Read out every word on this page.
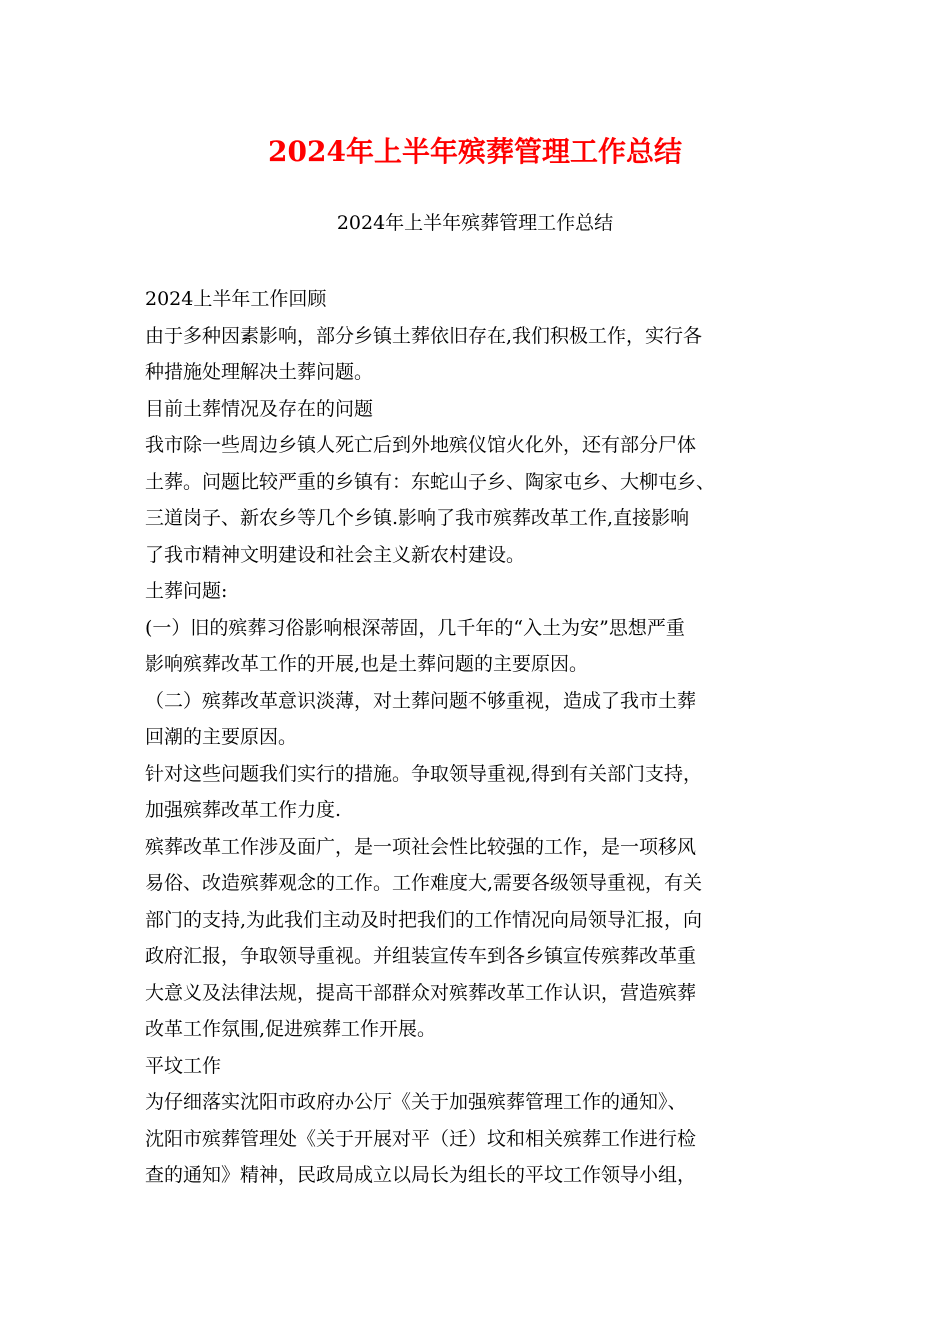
2024年上半年殡葬管理工作总结
2024年上半年殡葬管理工作总结
2024上半年工作回顾
由于多种因素影响，部分乡镇土葬依旧存在,我们积极工作，实行各
种措施处理解决土葬问题。
目前土葬情况及存在的问题
我市除一些周边乡镇人死亡后到外地殡仪馆火化外，还有部分尸体
土葬。问题比较严重的乡镇有：东蛇山子乡、陶家屯乡、大柳屯乡、
三道岗子、新农乡等几个乡镇.影响了我市殡葬改革工作,直接影响
了我市精神文明建设和社会主义新农村建设。
土葬问题:
(一）旧的殡葬习俗影响根深蒂固，几千年的“入土为安”思想严重
影响殡葬改革工作的开展,也是土葬问题的主要原因。
（二）殡葬改革意识淡薄，对土葬问题不够重视，造成了我市土葬
回潮的主要原因。
针对这些问题我们实行的措施。争取领导重视,得到有关部门支持，
加强殡葬改革工作力度.
殡葬改革工作涉及面广，是一项社会性比较强的工作，是一项移风
易俗、改造殡葬观念的工作。工作难度大,需要各级领导重视，有关
部门的支持,为此我们主动及时把我们的工作情况向局领导汇报，向
政府汇报，争取领导重视。并组装宣传车到各乡镇宣传殡葬改革重
大意义及法律法规，提高干部群众对殡葬改革工作认识，营造殡葬
改革工作氛围,促进殡葬工作开展。
平坟工作
为仔细落实沈阳市政府办公厅《关于加强殡葬管理工作的通知》、
沈阳市殡葬管理处《关于开展对平（迁）坟和相关殡葬工作进行检
查的通知》精神，民政局成立以局长为组长的平坟工作领导小组，
